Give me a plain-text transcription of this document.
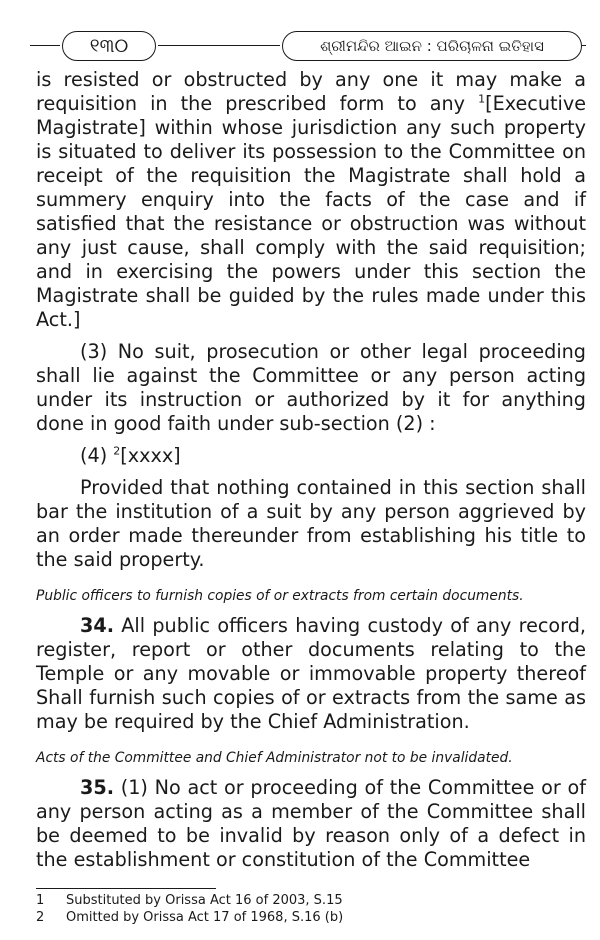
୧୩୦	ଶ୍ରୀମନ୍ଦିର ଆଇନ : ପରିଚାଳନା ଇତିହାସ

is resisted or obstructed by any one it may make a requisition in the prescribed form to any $^1$[Executive Magistrate] within whose jurisdiction any such property is situated to deliver its possession to the Committee on receipt of the requisition the Magistrate shall hold a summery enquiry into the facts of the case and if satisfied that the resistance or obstruction was without any just cause, shall comply with the said requisition; and in exercising the powers under this section the Magistrate shall be guided by the rules made under this Act.]

(3) No suit, prosecution or other legal proceeding shall lie against the Committee or any person acting under its instruction or authorized by it for anything done in good faith under sub-section (2) :

(4) $^2$[xxxx]

Provided that nothing contained in this section shall bar the institution of a suit by any person aggrieved by an order made thereunder from establishing his title to the said property.

Public officers to furnish copies of or extracts from certain documents.

34. All public officers having custody of any record, register, report or other documents relating to the Temple or any movable or immovable property thereof Shall furnish such copies of or extracts from the same as may be required by the Chief Administration.

Acts of the Committee and Chief Administrator not to be invalidated.

35. (1) No act or proceeding of the Committee or of any person acting as a member of the Committee shall be deemed to be invalid by reason only of a defect in the establishment or constitution of the Committee

1	Substituted by Orissa Act 16 of 2003, S.15
2	Omitted by Orissa Act 17 of 1968, S.16 (b)
